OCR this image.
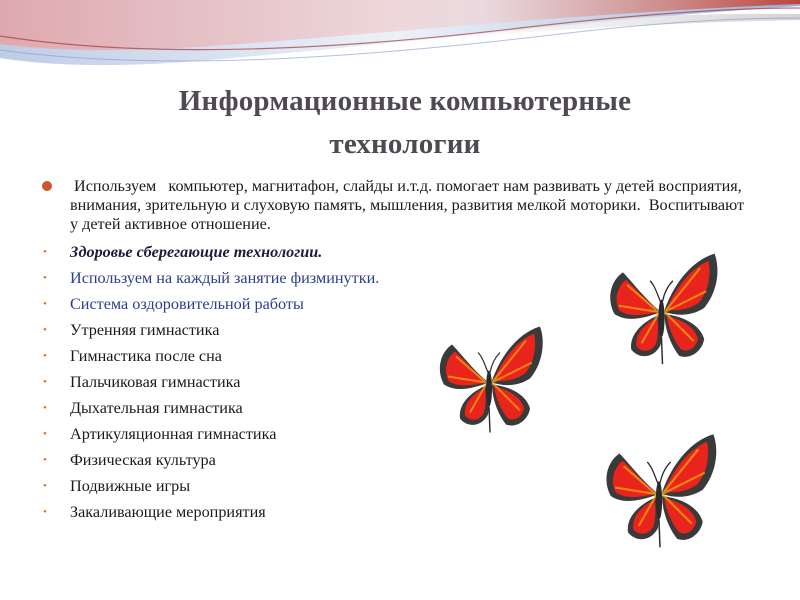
Информационные компьютерные
технологии
Используем   компьютер, магнитафон, слайды и.т.д. помогает нам развивать у детей восприятия, внимания, зрительную и слуховую память, мышления, развития мелкой моторики.  Воспитывают у детей активное отношение.
• Здоровье сберегающие технологии.
• Используем на каждый занятие физминутки.
• Система оздоровительной работы
• Утренняя гимнастика
• Гимнастика после сна
• Пальчиковая гимнастика
• Дыхательная гимнастика
• Артикуляционная гимнастика
• Физическая культура
• Подвижные игры
• Закаливающие мероприятия
